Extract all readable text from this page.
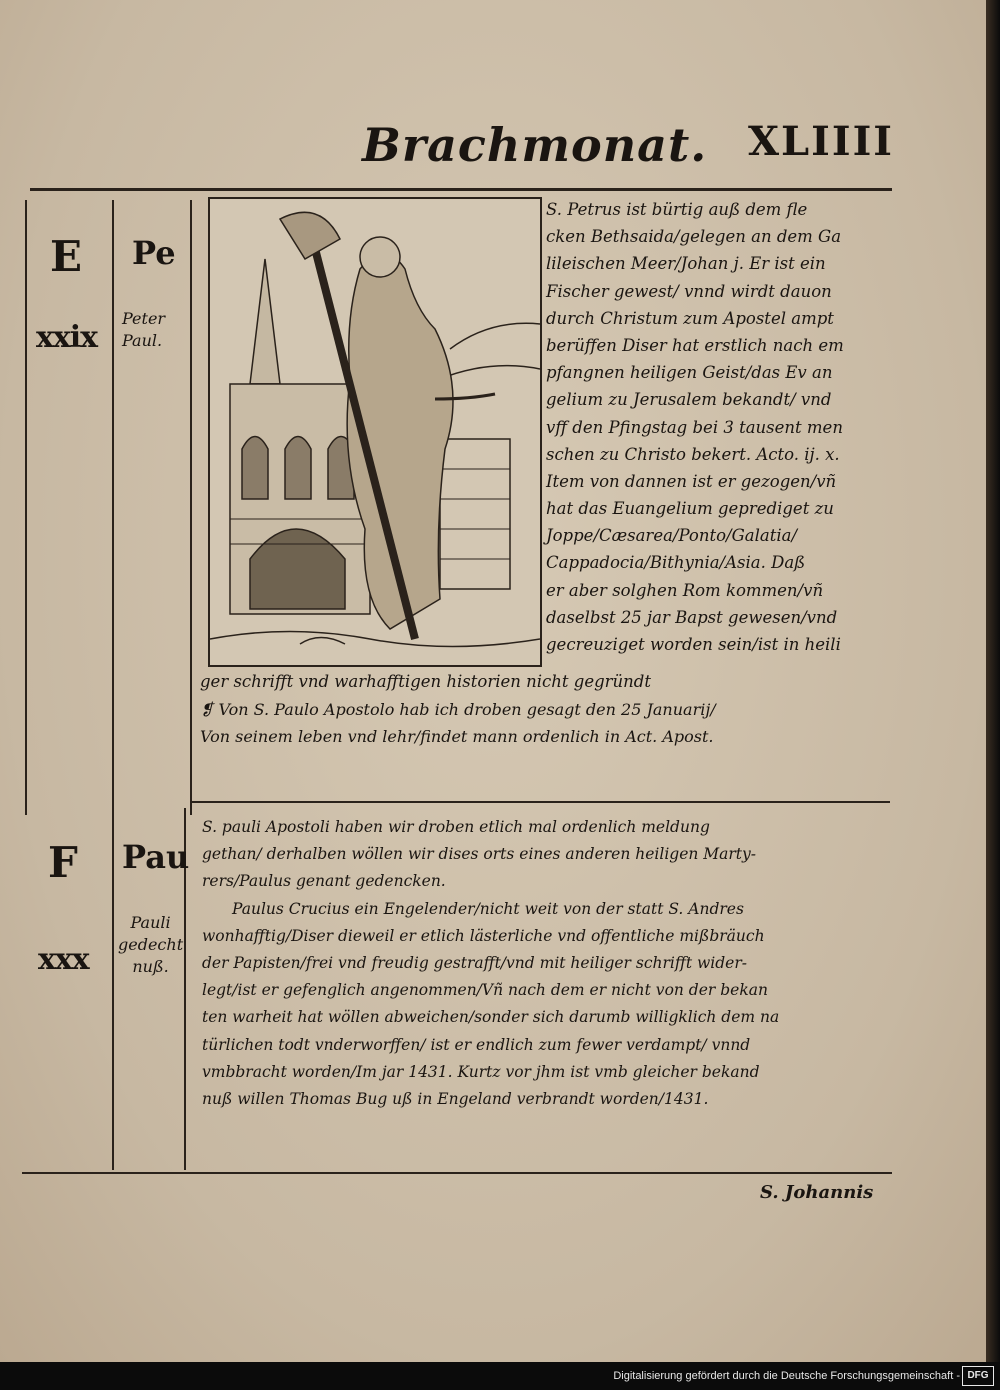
Brachmonat. XLIIII
E
xxix
Pe
Peter
Paul.
S. Petrus ist bürtig auß dem fle
cken Bethsaida/gelegen an dem Ga
lileischen Meer/Johan j. Er ist ein
Fischer gewest/ vnnd wirdt dauon
durch Christum zum Apostel ampt
berüffen Diser hat erstlich nach em
pfangnen heiligen Geist/das Ev an
gelium zu Jerusalem bekandt/ vnd
vff den Pfingstag bei 3 tausent men
schen zu Christo bekert. Acto. ij. x.
Item von dannen ist er gezogen/vñ
hat das Euangelium geprediget zu
Joppe/Cæsarea/Ponto/Galatia/
Cappadocia/Bithynia/Asia. Daß
er aber solghen Rom kommen/vñ
daselbst 25 jar Bapst gewesen/vnd
gecreuziget worden sein/ist in heili
ger schrifft vnd warhafftigen historien nicht gegründt
❡ Von S. Paulo Apostolo hab ich droben gesagt den 25 Januarij/
Von seinem leben vnd lehr/findet mann ordenlich in Act. Apost.
F
xxx
Pau
Pauli
gedecht
nuß.
S. pauli Apostoli haben wir droben etlich mal ordenlich meldung
gethan/ derhalben wöllen wir dises orts eines anderen heiligen Marty-
rers/Paulus genant gedencken.
Paulus Crucius ein Engelender/nicht weit von der statt S. Andres
wonhafftig/Diser dieweil er etlich lästerliche vnd offentliche mißbräuch
der Papisten/frei vnd freudig gestrafft/vnd mit heiliger schrifft wider-
legt/ist er gefenglich angenommen/Vñ nach dem er nicht von der bekan
ten warheit hat wöllen abweichen/sonder sich darumb willigklich dem na
türlichen todt vnderworffen/ ist er endlich zum fewer verdampt/ vnnd
vmbbracht worden/Im jar 1431. Kurtz vor jhm ist vmb gleicher bekand
nuß willen Thomas Bug uß in Engeland verbrandt worden/1431.
S. Johannis
Digitalisierung gefördert durch die Deutsche Forschungsgemeinschaft - DFG
